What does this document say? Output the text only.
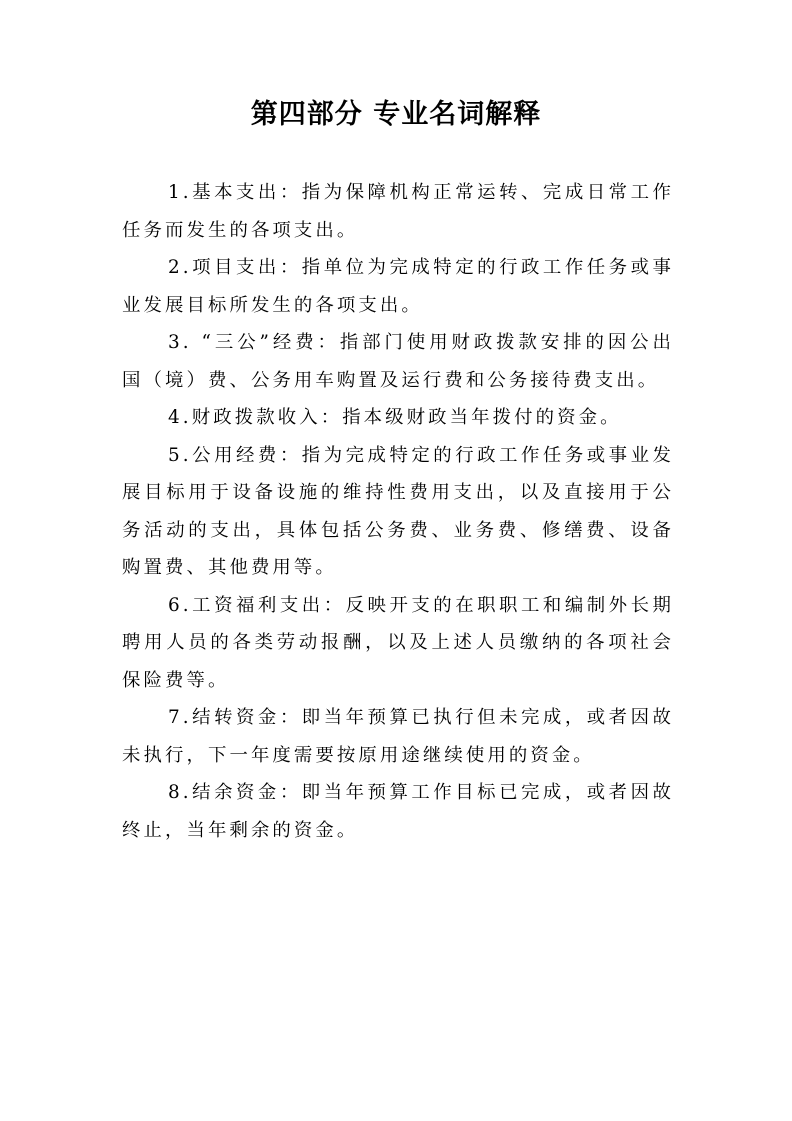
第四部分 专业名词解释

1.基本支出：指为保障机构正常运转、完成日常工作任务而发生的各项支出。

2.项目支出：指单位为完成特定的行政工作任务或事业发展目标所发生的各项支出。

3. “三公”经费：指部门使用财政拨款安排的因公出国（境）费、公务用车购置及运行费和公务接待费支出。

4.财政拨款收入：指本级财政当年拨付的资金。

5.公用经费：指为完成特定的行政工作任务或事业发展目标用于设备设施的维持性费用支出，以及直接用于公务活动的支出，具体包括公务费、业务费、修缮费、设备购置费、其他费用等。

6.工资福利支出：反映开支的在职职工和编制外长期聘用人员的各类劳动报酬，以及上述人员缴纳的各项社会保险费等。

7.结转资金：即当年预算已执行但未完成，或者因故未执行，下一年度需要按原用途继续使用的资金。

8.结余资金：即当年预算工作目标已完成，或者因故终止，当年剩余的资金。
